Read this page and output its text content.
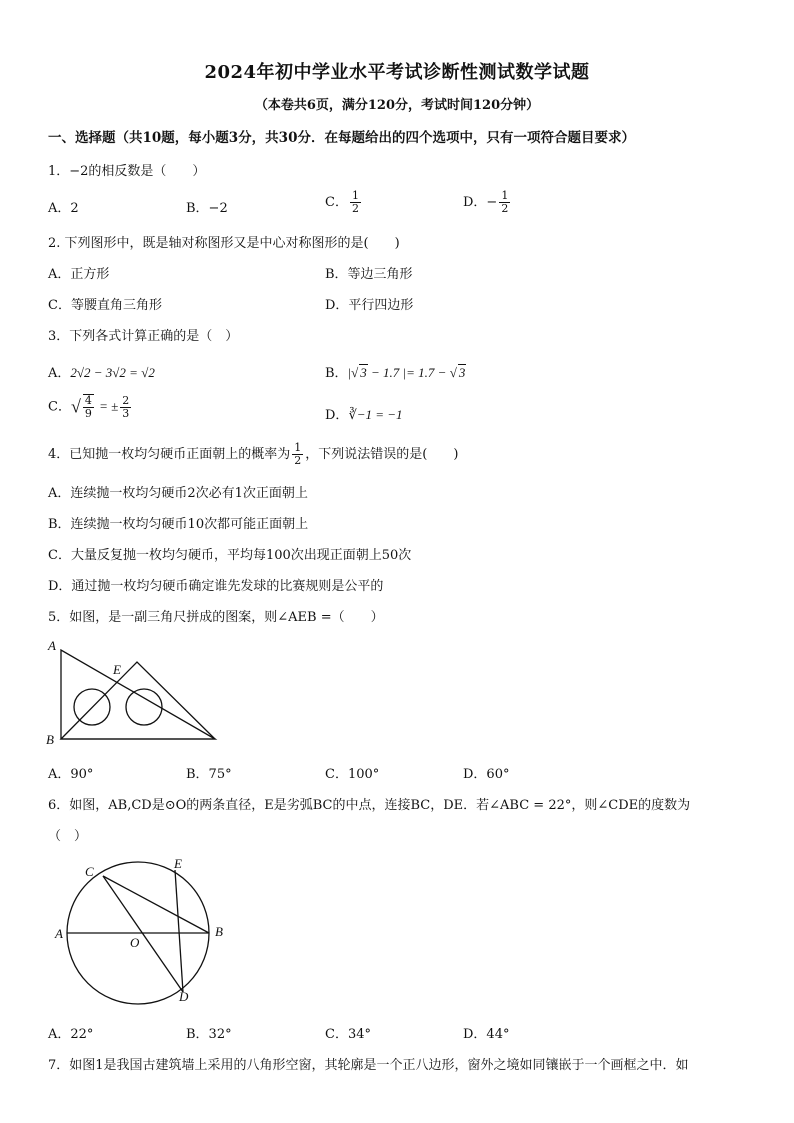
2024年初中学业水平考试诊断性测试数学试题
（本卷共6页，满分120分，考试时间120分钟）
一、选择题（共10题，每小题3分，共30分．在每题给出的四个选项中，只有一项符合题目要求）
1．−2的相反数是（　　）
A．2	B．−2	C． $\frac{1}{2}$	D．− $\frac{1}{2}$
2. 下列图形中，既是轴对称图形又是中心对称图形的是(　　)
A．正方形	B．等边三角形
C．等腰直角三角形	D．平行四边形
3．下列各式计算正确的是（　）
A．2√2 − 3√2 = √2	B．|√ 3 − 1.7 |= 1.7 − √ 3
C．√ $\frac{4}{9}$ = ± $\frac{2}{3}$	D．∛−1 = −1
4．已知抛一枚均匀硬币正面朝上的概率为 $\frac{1}{2}$ ，下列说法错误的是(　　)
A．连续抛一枚均匀硬币2次必有1次正面朝上
B．连续抛一枚均匀硬币10次都可能正面朝上
C．大量反复抛一枚均匀硬币，平均每100次出现正面朝上50次
D．通过抛一枚均匀硬币确定谁先发球的比赛规则是公平的
5．如图，是一副三角尺拼成的图案，则∠AEB =（　　）
A
B
E
A．90°	B．75°	C．100°	D．60°
6．如图，AB,CD是⊙O的两条直径，E是劣弧BC的中点，连接BC，DE．若∠ABC = 22°，则∠CDE的度数为
（　）
A	B
C
D
E
O
A．22°	B．32°	C．34°	D．44°
7．如图1是我国古建筑墙上采用的八角形空窗，其轮廓是一个正八边形，窗外之境如同镶嵌于一个画框之中．如
